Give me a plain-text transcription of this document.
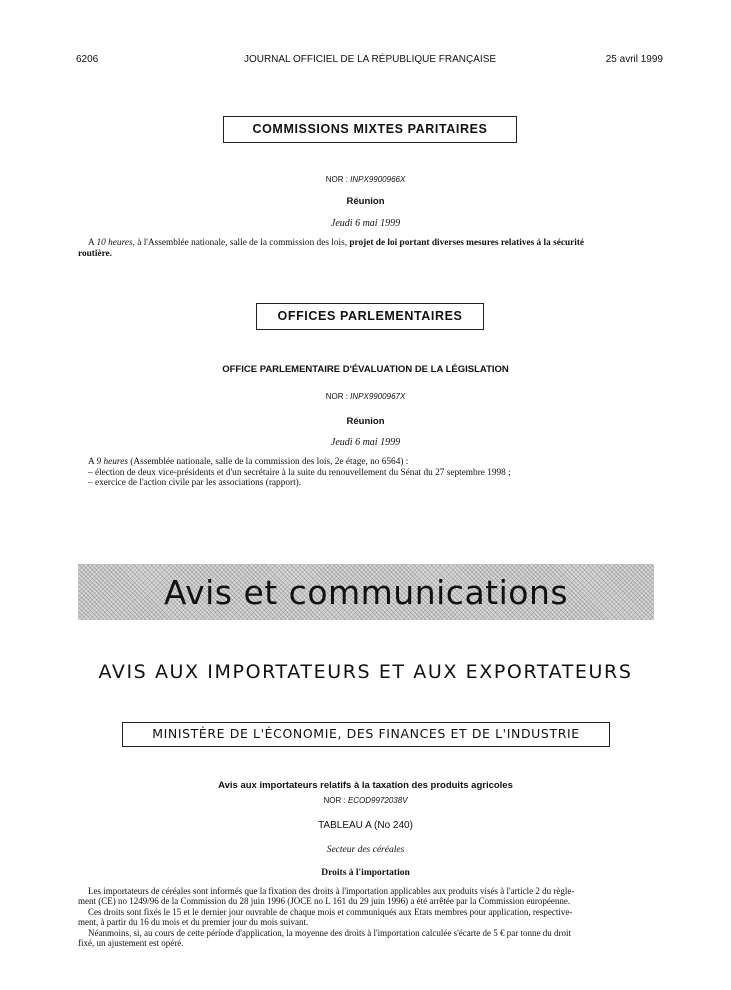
6206	JOURNAL OFFICIEL DE LA RÉPUBLIQUE FRANÇAISE	25 avril 1999
COMMISSIONS MIXTES PARITAIRES
NOR : INPX9900966X
Réunion
Jeudi 6 mai 1999
A 10 heures, à l'Assemblée nationale, salle de la commission des lois, projet de loi portant diverses mesures relatives à la sécurité
routière.
OFFICES PARLEMENTAIRES
OFFICE PARLEMENTAIRE D'ÉVALUATION DE LA LÉGISLATION
NOR : INPX9900967X
Réunion
Jeudi 6 mai 1999
A 9 heures (Assemblée nationale, salle de la commission des lois, 2e étage, no 6564) :
– élection de deux vice-présidents et d'un secrétaire à la suite du renouvellement du Sénat du 27 septembre 1998 ;
– exercice de l'action civile par les associations (rapport).
Avis et communications
AVIS AUX IMPORTATEURS ET AUX EXPORTATEURS
MINISTÈRE DE L'ÉCONOMIE, DES FINANCES ET DE L'INDUSTRIE
Avis aux importateurs relatifs à la taxation des produits agricoles
NOR : ECOD9972038V
TABLEAU A (No 240)
Secteur des céréales
Droits à l'importation
Les importateurs de céréales sont informés que la fixation des droits à l'importation applicables aux produits visés à l'article 2 du règle-
ment (CE) no 1249/96 de la Commission du 28 juin 1996 (JOCE no L 161 du 29 juin 1996) a été arrêtée par la Commission européenne.
Ces droits sont fixés le 15 et le dernier jour ouvrable de chaque mois et communiqués aux Etats membres pour application, respective-
ment, à partir du 16 du mois et du premier jour du mois suivant.
Néanmoins, si, au cours de cette période d'application, la moyenne des droits à l'importation calculée s'écarte de 5 € par tonne du droit
fixé, un ajustement est opéré.
